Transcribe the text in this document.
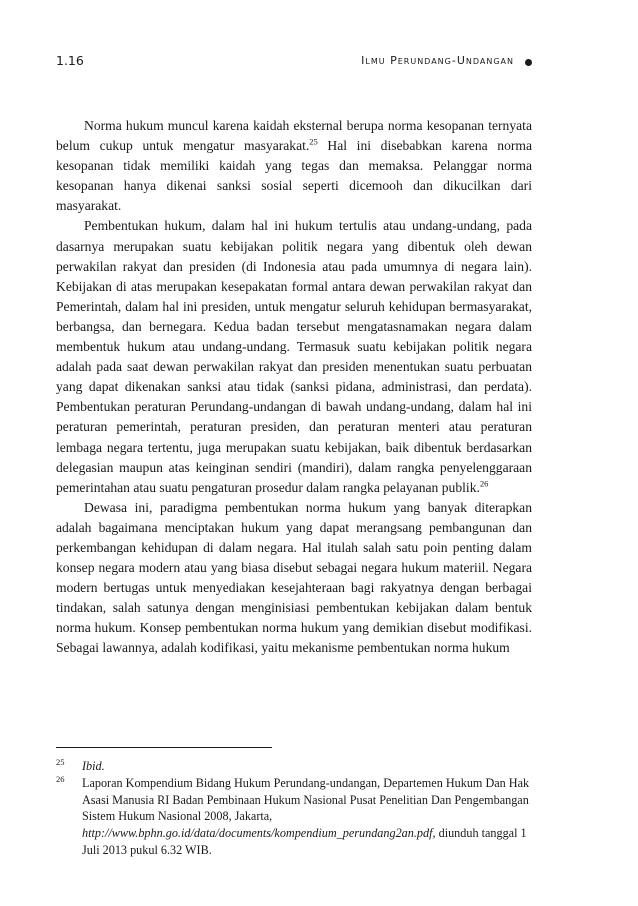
1.16	Ilmu Perundang-Undangan

Norma hukum muncul karena kaidah eksternal berupa norma kesopanan ternyata belum cukup untuk mengatur masyarakat.$^{25}$ Hal ini disebabkan karena norma kesopanan tidak memiliki kaidah yang tegas dan memaksa. Pelanggar norma kesopanan hanya dikenai sanksi sosial seperti dicemooh dan dikucilkan dari masyarakat.

Pembentukan hukum, dalam hal ini hukum tertulis atau undang-undang, pada dasarnya merupakan suatu kebijakan politik negara yang dibentuk oleh dewan perwakilan rakyat dan presiden (di Indonesia atau pada umumnya di negara lain). Kebijakan di atas merupakan kesepakatan formal antara dewan perwakilan rakyat dan Pemerintah, dalam hal ini presiden, untuk mengatur seluruh kehidupan bermasyarakat, berbangsa, dan bernegara. Kedua badan tersebut mengatasnamakan negara dalam membentuk hukum atau undang-undang. Termasuk suatu kebijakan politik negara adalah pada saat dewan perwakilan rakyat dan presiden menentukan suatu perbuatan yang dapat dikenakan sanksi atau tidak (sanksi pidana, administrasi, dan perdata). Pembentukan peraturan Perundang-undangan di bawah undang-undang, dalam hal ini peraturan pemerintah, peraturan presiden, dan peraturan menteri atau peraturan lembaga negara tertentu, juga merupakan suatu kebijakan, baik dibentuk berdasarkan delegasian maupun atas keinginan sendiri (mandiri), dalam rangka penyelenggaraan pemerintahan atau suatu pengaturan prosedur dalam rangka pelayanan publik.$^{26}$

Dewasa ini, paradigma pembentukan norma hukum yang banyak diterapkan adalah bagaimana menciptakan hukum yang dapat merangsang pembangunan dan perkembangan kehidupan di dalam negara. Hal itulah salah satu poin penting dalam konsep negara modern atau yang biasa disebut sebagai negara hukum materiil. Negara modern bertugas untuk menyediakan kesejahteraan bagi rakyatnya dengan berbagai tindakan, salah satunya dengan menginisiasi pembentukan kebijakan dalam bentuk norma hukum. Konsep pembentukan norma hukum yang demikian disebut modifikasi. Sebagai lawannya, adalah kodifikasi, yaitu mekanisme pembentukan norma hukum

25 Ibid.
26 Laporan Kompendium Bidang Hukum Perundang-undangan, Departemen Hukum Dan Hak Asasi Manusia RI Badan Pembinaan Hukum Nasional Pusat Penelitian Dan Pengembangan Sistem Hukum Nasional 2008, Jakarta, http://www.bphn.go.id/data/documents/kompendium_perundang2an.pdf, diunduh tanggal 1 Juli 2013 pukul 6.32 WIB.
